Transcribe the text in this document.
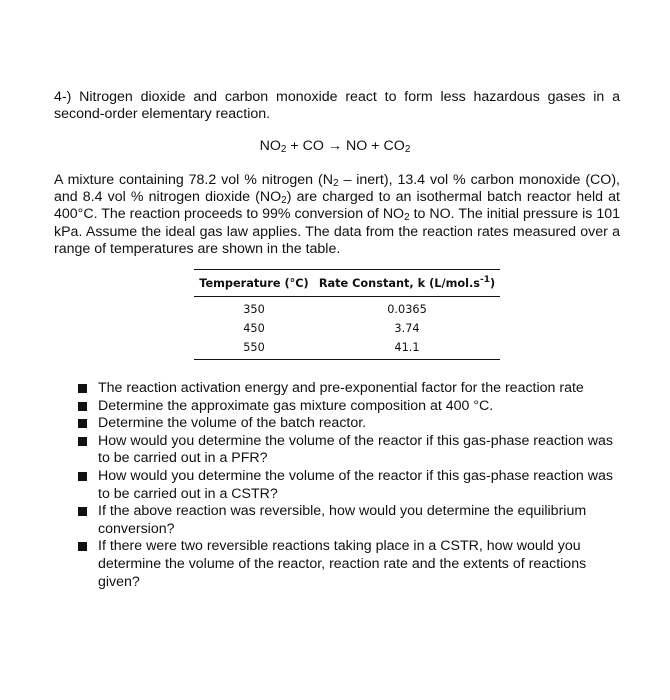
4-) Nitrogen dioxide and carbon monoxide react to form less hazardous gases in a second-order elementary reaction.

$NO_2$ + CO → NO + $CO_2$

A mixture containing 78.2 vol % nitrogen ($N_2$ – inert), 13.4 vol % carbon monoxide (CO), and 8.4 vol % nitrogen dioxide $(NO_2)$ are charged to an isothermal batch reactor held at 400°C. The reaction proceeds to 99% conversion of $NO_2$ to NO. The initial pressure is 101 kPa. Assume the ideal gas law applies. The data from the reaction rates measured over a range of temperatures are shown in the table.

Temperature (°C)	Rate Constant, k $(L/mol.s^{-1})$
350	0.0365
450	3.74
550	41.1
The reaction activation energy and pre-exponential factor for the reaction rate
Determine the approximate gas mixture composition at 400 °C.
Determine the volume of the batch reactor.
How would you determine the volume of the reactor if this gas-phase reaction was to be carried out in a PFR?
How would you determine the volume of the reactor if this gas-phase reaction was to be carried out in a CSTR?
If the above reaction was reversible, how would you determine the equilibrium conversion?
If there were two reversible reactions taking place in a CSTR, how would you determine the volume of the reactor, reaction rate and the extents of reactions given?
